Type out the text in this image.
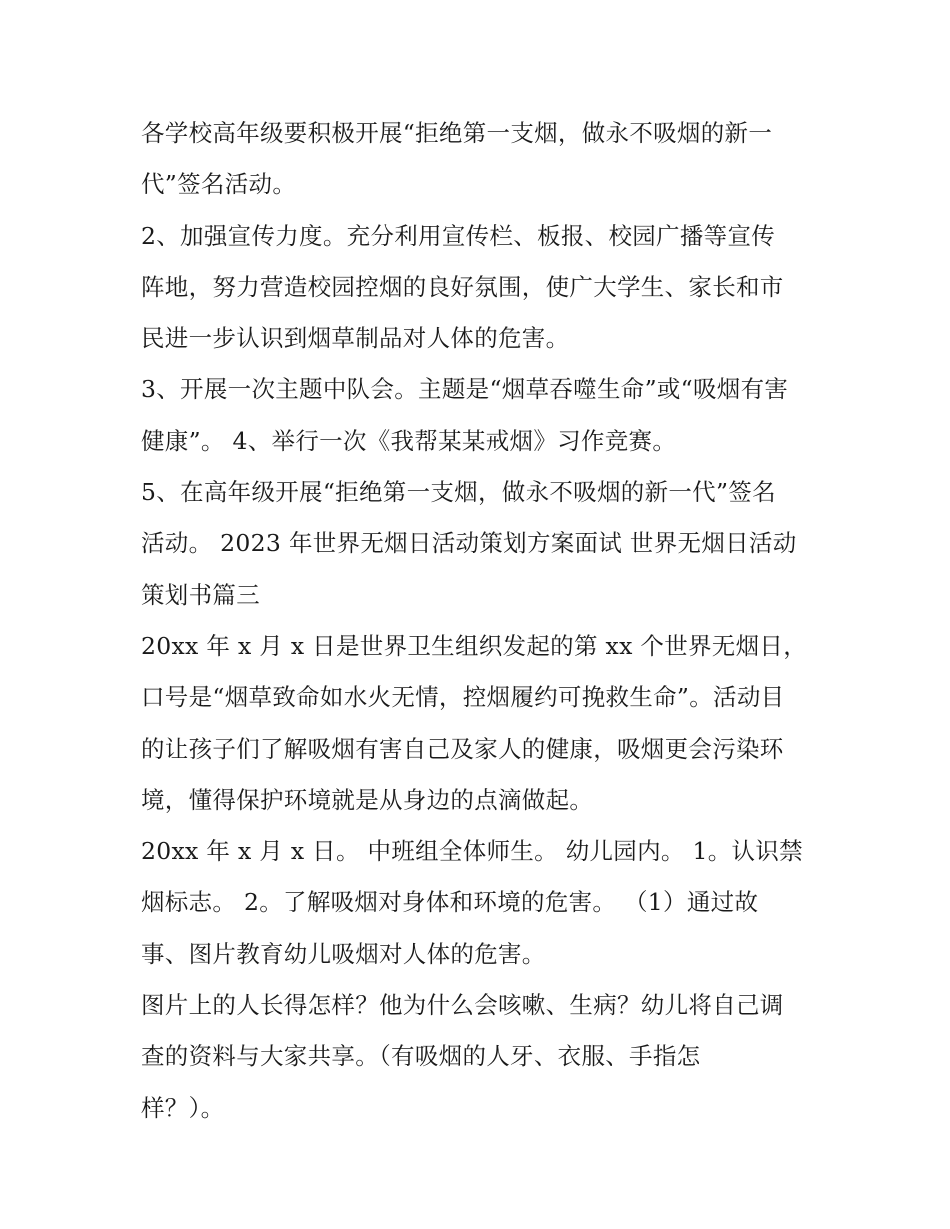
各学校高年级要积极开展“拒绝第一支烟，做永不吸烟的新一
代”签名活动。
2、加强宣传力度。充分利用宣传栏、板报、校园广播等宣传
阵地，努力营造校园控烟的良好氛围，使广大学生、家长和市
民进一步认识到烟草制品对人体的危害。
3、开展一次主题中队会。主题是“烟草吞噬生命”或“吸烟有害
健康”。 4、举行一次《我帮某某戒烟》习作竞赛。
5、在高年级开展“拒绝第一支烟，做永不吸烟的新一代”签名
活动。 2023 年世界无烟日活动策划方案面试 世界无烟日活动
策划书篇三
20xx 年 x 月 x 日是世界卫生组织发起的第 xx 个世界无烟日，
口号是“烟草致命如水火无情，控烟履约可挽救生命”。活动目
的让孩子们了解吸烟有害自己及家人的健康，吸烟更会污染环
境，懂得保护环境就是从身边的点滴做起。
20xx 年 x 月 x 日。 中班组全体师生。 幼儿园内。 1。认识禁
烟标志。 2。了解吸烟对身体和环境的危害。 （1）通过故
事、图片教育幼儿吸烟对人体的危害。
图片上的人长得怎样？他为什么会咳嗽、生病？幼儿将自己调
查的资料与大家共享。（有吸烟的人牙、衣服、手指怎
样？）。
